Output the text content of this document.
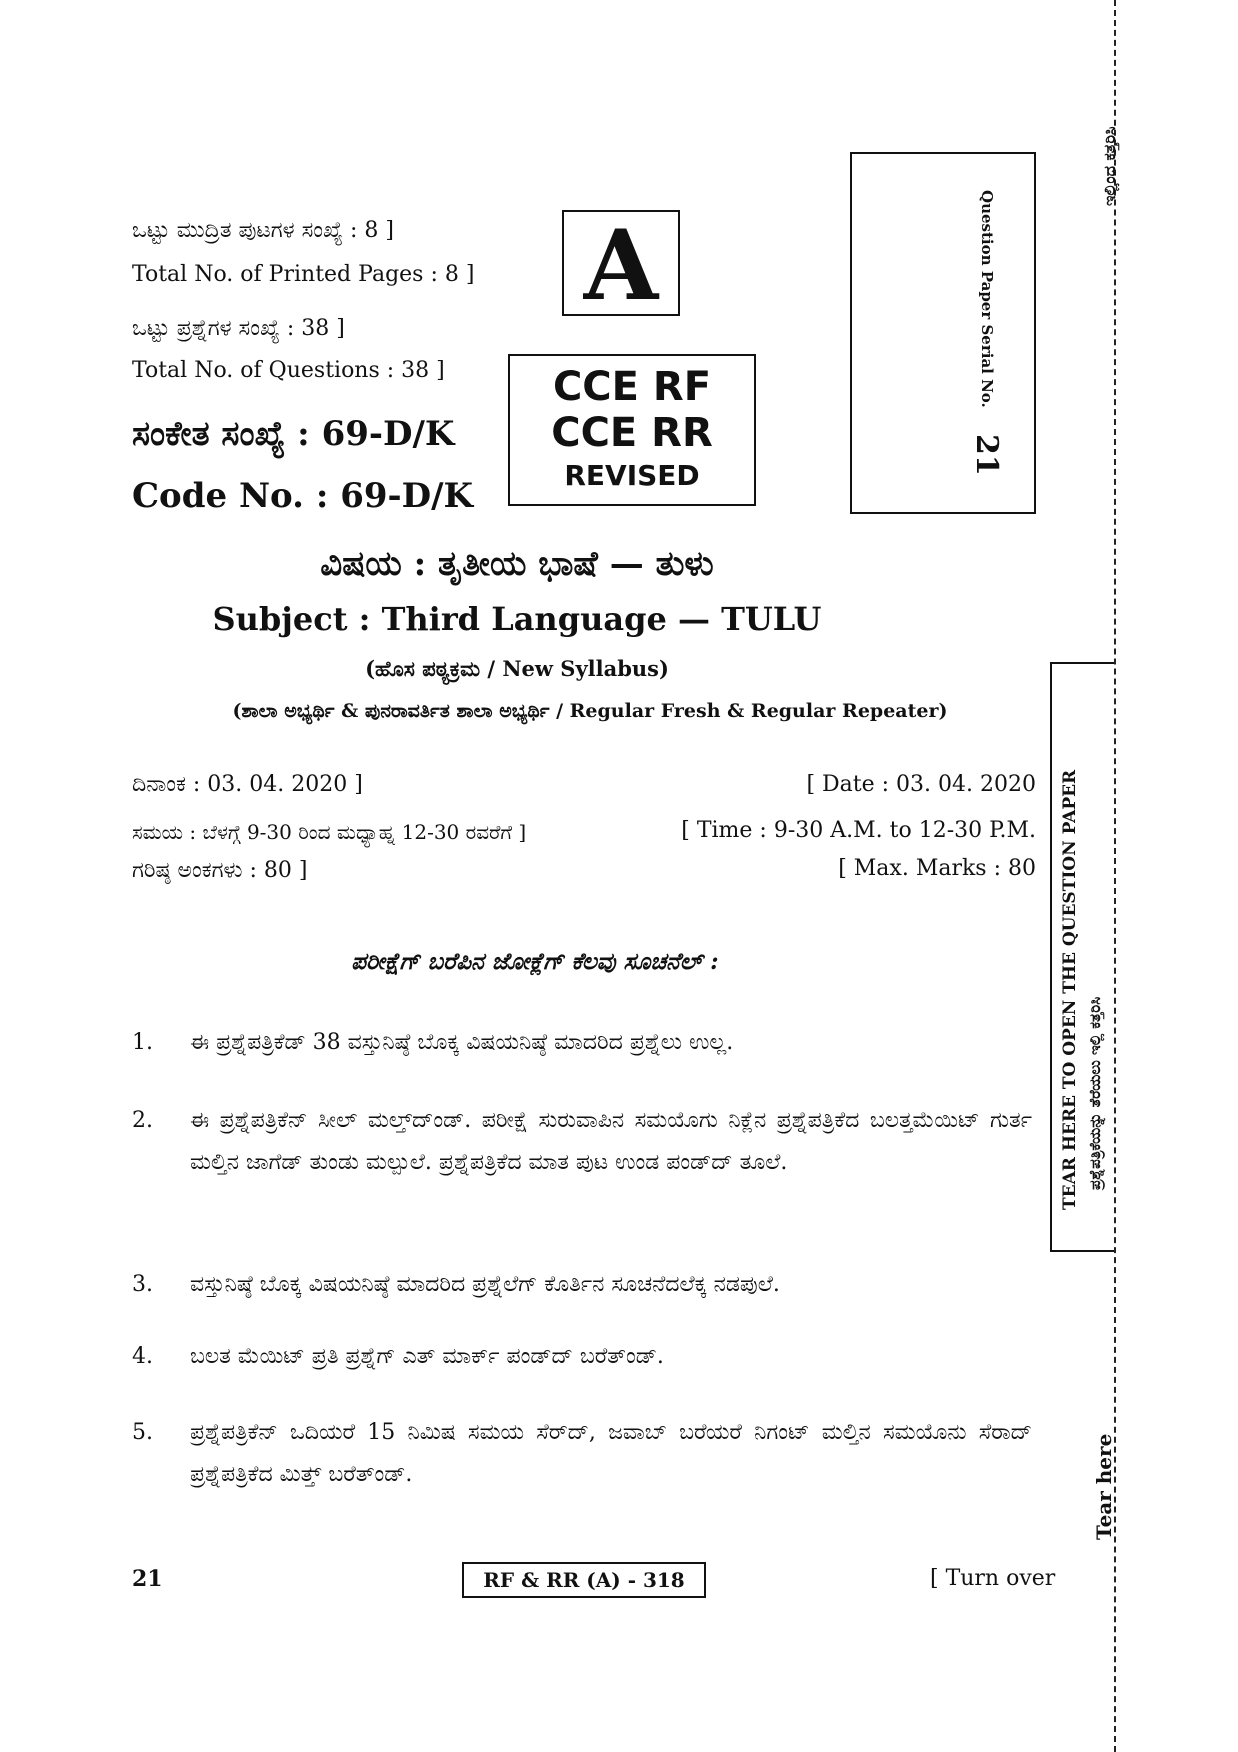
ಒಟ್ಟು ಮುದ್ರಿತ ಪುಟಗಳ ಸಂಖ್ಯೆ : 8 ]
Total No. of Printed Pages : 8 ]
ಒಟ್ಟು ಪ್ರಶ್ನೆಗಳ ಸಂಖ್ಯೆ : 38 ]
Total No. of Questions : 38 ]
ಸಂಕೇತ ಸಂಖ್ಯೆ : 69-D/K
Code No. : 69-D/K
A
CCE RF
CCE RR
REVISED
Question Paper Serial No.
21
ವಿಷಯ : ತೃತೀಯ ಭಾಷೆ — ತುಳು
Subject : Third Language — TULU
(ಹೊಸ ಪಠ್ಯಕ್ರಮ / New Syllabus)
(ಶಾಲಾ ಅಭ್ಯರ್ಥಿ & ಪುನರಾವರ್ತಿತ ಶಾಲಾ ಅಭ್ಯರ್ಥಿ / Regular Fresh & Regular Repeater)
ದಿನಾಂಕ : 03. 04. 2020 ]	[ Date : 03. 04. 2020
ಸಮಯ : ಬೆಳಗ್ಗೆ 9-30 ರಿಂದ ಮಧ್ಯಾಹ್ನ 12-30 ರವರೆಗೆ ]	[ Time : 9-30 A.M. to 12-30 P.M.
ಗರಿಷ್ಠ ಅಂಕಗಳು : 80 ]	[ Max. Marks : 80
ಪರೀಕ್ಷೆಗ್ ಬರೆಪಿನ ಜೋಕ್ಲೆಗ್ ಕೆಲವು ಸೂಚನೆಲ್ :
1. ಈ ಪ್ರಶ್ನೆಪತ್ರಿಕೆಡ್ 38 ವಸ್ತುನಿಷ್ಠೆ ಬೊಕ್ಕ ವಿಷಯನಿಷ್ಠೆ ಮಾದರಿದ ಪ್ರಶ್ನೆಲು ಉಲ್ಲ.
2. ಈ ಪ್ರಶ್ನೆಪತ್ರಿಕೆನ್ ಸೀಲ್ ಮಲ್ತ್‌ದ್‌ಂಡ್. ಪರೀಕ್ಷೆ ಸುರುವಾಪಿನ ಸಮಯೊಗು ನಿಕ್ಲೆನ ಪ್ರಶ್ನೆಪತ್ರಿಕೆದ ಬಲತ್ತಮೆಯಿಟ್ ಗುರ್ತ ಮಲ್ತಿನ ಜಾಗೆಡ್ ತುಂಡು ಮಲ್ಪುಲೆ. ಪ್ರಶ್ನೆಪತ್ರಿಕೆದ ಮಾತ ಪುಟ ಉಂಡ ಪಂಡ್‌ದ್ ತೂಲೆ.
3. ವಸ್ತುನಿಷ್ಠೆ ಬೊಕ್ಕ ವಿಷಯನಿಷ್ಠೆ ಮಾದರಿದ ಪ್ರಶ್ನೆಲೆಗ್ ಕೊರ್ತಿನ ಸೂಚನೆದಲೆಕ್ಕ ನಡಪುಲೆ.
4. ಬಲತ ಮೆಯಿಟ್ ಪ್ರತಿ ಪ್ರಶ್ನೆಗ್ ಎತ್ ಮಾರ್ಕ್ ಪಂಡ್‌ದ್ ಬರೆತ್‌ಂಡ್.
5. ಪ್ರಶ್ನೆಪತ್ರಿಕೆನ್ ಒದಿಯರೆ 15 ನಿಮಿಷ ಸಮಯ ಸೆರ್‌ದ್, ಜವಾಬ್ ಬರೆಯರೆ ನಿಗಂಟ್ ಮಲ್ತಿನ ಸಮಯೊನು ಸೆರಾದ್ ಪ್ರಶ್ನೆಪತ್ರಿಕೆದ ಮಿತ್ತ್ ಬರೆತ್‌ಂಡ್.
21	RF & RR (A) - 318	[ Turn over
ಇಲ್ಲಿಂದ ಕತ್ತರಿಸಿ
TEAR HERE TO OPEN THE QUESTION PAPER ಪ್ರಶ್ನೆಪತ್ರಿಕೆಯನ್ನು ತೆರೆಯಲು ಇಲ್ಲಿ ಕತ್ತರಿಸಿ
Tear here
